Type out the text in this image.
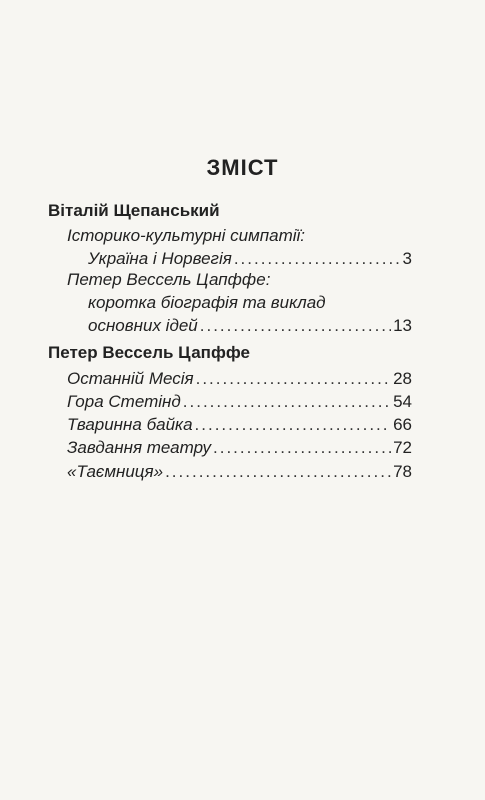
ЗМІСТ
Віталій Щепанський
Історико-культурні симпатії:
Україна і Норвегія .....	3
Петер Вессель Цапффе:
коротка біографія та виклад
основних ідей .....	13
Петер Вессель Цапффе
Останній Месія .....	28
Гора Стетінд .....	54
Тваринна байка .....	66
Завдання театру .....	72
«Таємниця» .....	78
